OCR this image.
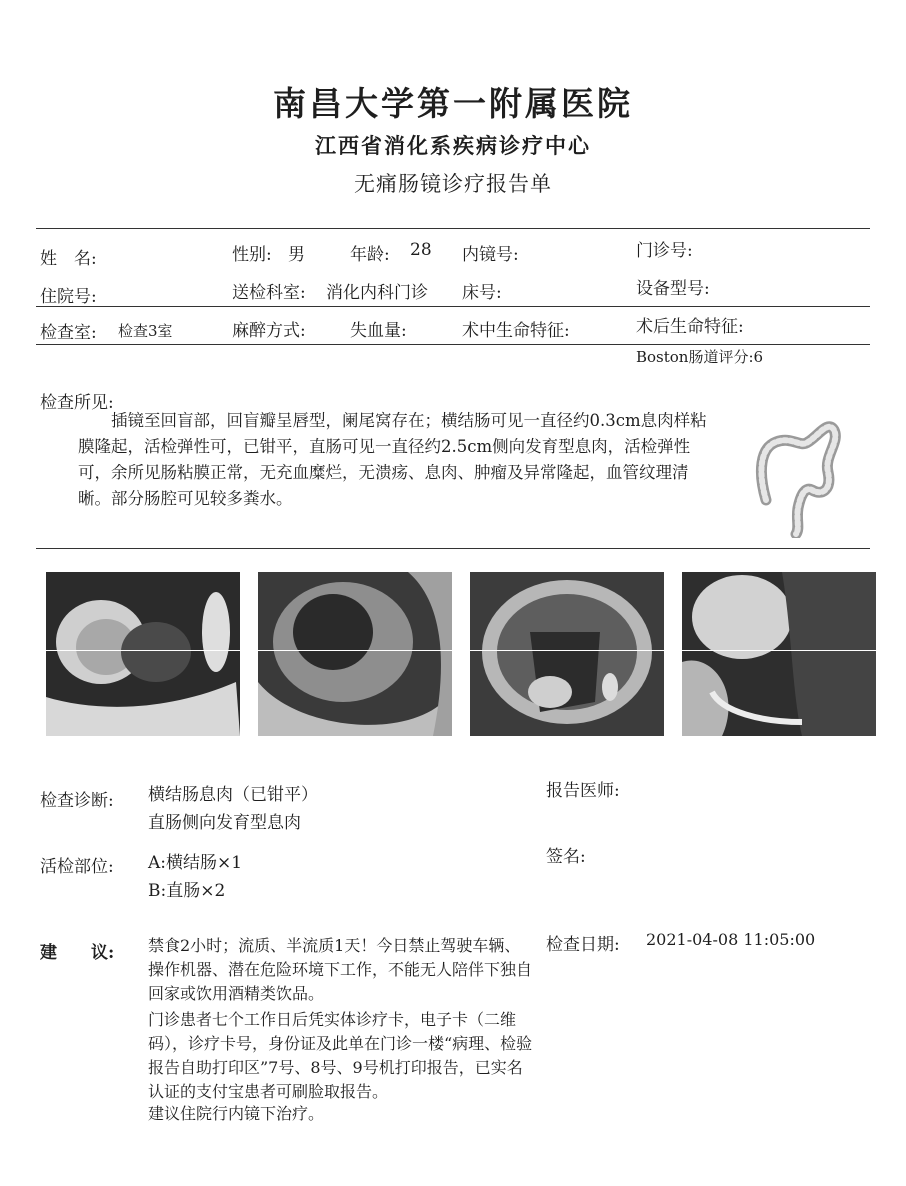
南昌大学第一附属医院
江西省消化系疾病诊疗中心
无痛肠镜诊疗报告单
姓　名:	性别: 男	年龄: 28 内镜号:	门诊号:
住院号:	送检科室: 消化内科门诊 床号:	设备型号:
检查室: 检查3室	麻醉方式:	失血量:	术中生命特征:	术后生命特征:
Boston肠道评分:6
检查所见:
　　插镜至回盲部，回盲瓣呈唇型，阑尾窝存在；横结肠可见一直径约0.3cm息肉样粘膜隆起，活检弹性可，已钳平，直肠可见一直径约2.5cm侧向发育型息肉，活检弹性可，余所见肠粘膜正常，无充血糜烂，无溃疡、息肉、肿瘤及异常隆起，血管纹理清晰。部分肠腔可见较多粪水。
检查诊断: 横结肠息肉（已钳平）
直肠侧向发育型息肉
报告医师:
活检部位: A:横结肠×1
B:直肠×2
签名:
建　　议: 禁食2小时；流质、半流质1天！今日禁止驾驶车辆、操作机器、潜在危险环境下工作，不能无人陪伴下独自回家或饮用酒精类饮品。
门诊患者七个工作日后凭实体诊疗卡，电子卡（二维码），诊疗卡号，身份证及此单在门诊一楼“病理、检验报告自助打印区”7号、8号、9号机打印报告，已实名认证的支付宝患者可刷脸取报告。
建议住院行内镜下治疗。
检查日期: 2021-04-08 11:05:00
